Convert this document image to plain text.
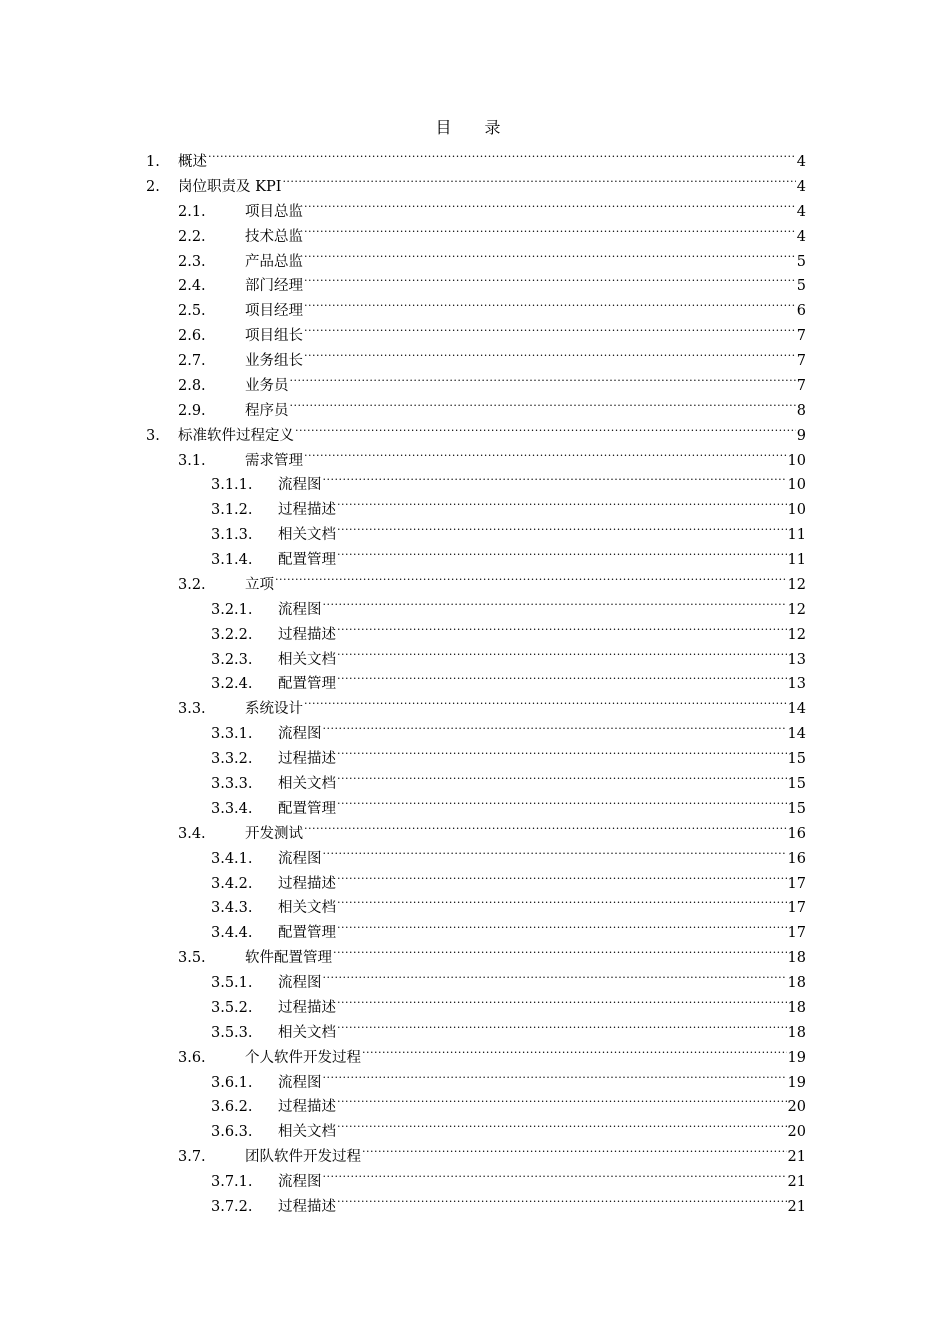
目 录
1.	概述 .....	4
2.	岗位职责及 KPI .....	4
2.1.	项目总监 .....	4
2.2.	技术总监 .....	4
2.3.	产品总监 .....	5
2.4.	部门经理 .....	5
2.5.	项目经理 .....	6
2.6.	项目组长 .....	7
2.7.	业务组长 .....	7
2.8.	业务员 .....	7
2.9.	程序员 .....	8
3.	标准软件过程定义 .....	9
3.1.	需求管理 .....	10
3.1.1.	流程图 .....	10
3.1.2.	过程描述 .....	10
3.1.3.	相关文档 .....	11
3.1.4.	配置管理 .....	11
3.2.	立项 .....	12
3.2.1.	流程图 .....	12
3.2.2.	过程描述 .....	12
3.2.3.	相关文档 .....	13
3.2.4.	配置管理 .....	13
3.3.	系统设计 .....	14
3.3.1.	流程图 .....	14
3.3.2.	过程描述 .....	15
3.3.3.	相关文档 .....	15
3.3.4.	配置管理 .....	15
3.4.	开发测试 .....	16
3.4.1.	流程图 .....	16
3.4.2.	过程描述 .....	17
3.4.3.	相关文档 .....	17
3.4.4.	配置管理 .....	17
3.5.	软件配置管理 .....	18
3.5.1.	流程图 .....	18
3.5.2.	过程描述 .....	18
3.5.3.	相关文档 .....	18
3.6.	个人软件开发过程 .....	19
3.6.1.	流程图 .....	19
3.6.2.	过程描述 .....	20
3.6.3.	相关文档 .....	20
3.7.	团队软件开发过程 .....	21
3.7.1.	流程图 .....	21
3.7.2.	过程描述 .....	21
